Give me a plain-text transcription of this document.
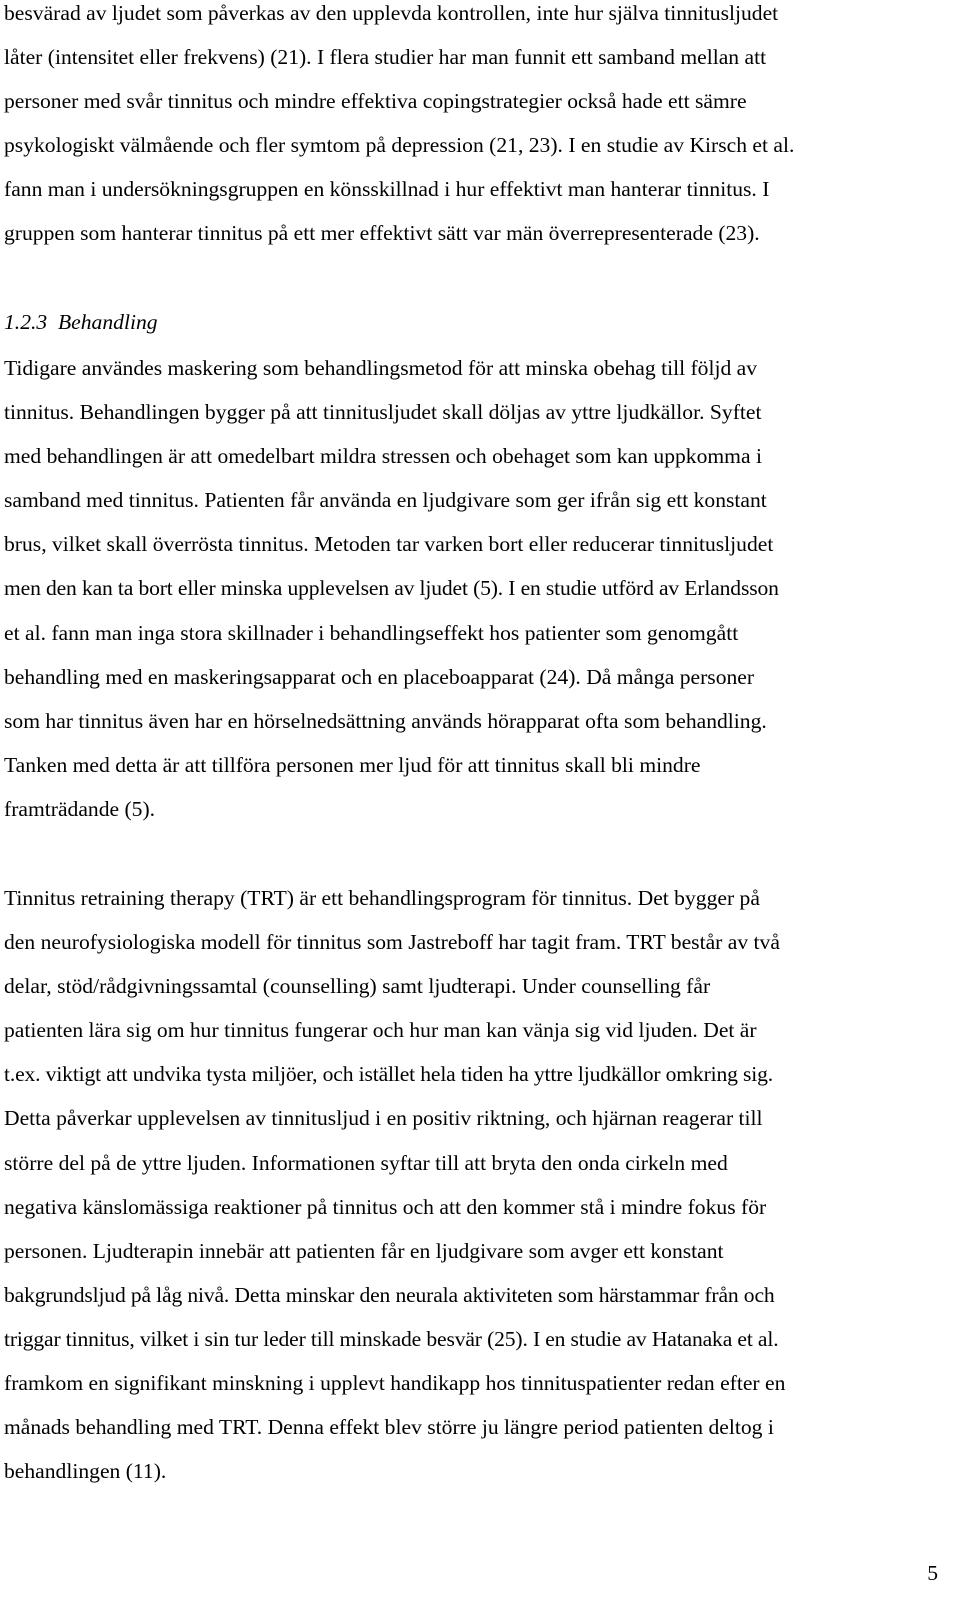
besvärad av ljudet som påverkas av den upplevda kontrollen, inte hur själva tinnitusljudet
låter (intensitet eller frekvens) (21). I flera studier har man funnit ett samband mellan att
personer med svår tinnitus och mindre effektiva copingstrategier också hade ett sämre
psykologiskt välmående och fler symtom på depression (21, 23). I en studie av Kirsch et al.
fann man i undersökningsgruppen en könsskillnad i hur effektivt man hanterar tinnitus. I
gruppen som hanterar tinnitus på ett mer effektivt sätt var män överrepresenterade (23).
1.2.3 Behandling
Tidigare användes maskering som behandlingsmetod för att minska obehag till följd av
tinnitus. Behandlingen bygger på att tinnitusljudet skall döljas av yttre ljudkällor. Syftet
med behandlingen är att omedelbart mildra stressen och obehaget som kan uppkomma i
samband med tinnitus. Patienten får använda en ljudgivare som ger ifrån sig ett konstant
brus, vilket skall överrösta tinnitus. Metoden tar varken bort eller reducerar tinnitusljudet
men den kan ta bort eller minska upplevelsen av ljudet (5). I en studie utförd av Erlandsson
et al. fann man inga stora skillnader i behandlingseffekt hos patienter som genomgått
behandling med en maskeringsapparat och en placeboapparat (24). Då många personer
som har tinnitus även har en hörselnedsättning används hörapparat ofta som behandling.
Tanken med detta är att tillföra personen mer ljud för att tinnitus skall bli mindre
framträdande (5).
Tinnitus retraining therapy (TRT) är ett behandlingsprogram för tinnitus. Det bygger på
den neurofysiologiska modell för tinnitus som Jastreboff har tagit fram. TRT består av två
delar, stöd/rådgivningssamtal (counselling) samt ljudterapi. Under counselling får
patienten lära sig om hur tinnitus fungerar och hur man kan vänja sig vid ljuden. Det är
t.ex. viktigt att undvika tysta miljöer, och istället hela tiden ha yttre ljudkällor omkring sig.
Detta påverkar upplevelsen av tinnitusljud i en positiv riktning, och hjärnan reagerar till
större del på de yttre ljuden. Informationen syftar till att bryta den onda cirkeln med
negativa känslomässiga reaktioner på tinnitus och att den kommer stå i mindre fokus för
personen. Ljudterapin innebär att patienten får en ljudgivare som avger ett konstant
bakgrundsljud på låg nivå. Detta minskar den neurala aktiviteten som härstammar från och
triggar tinnitus, vilket i sin tur leder till minskade besvär (25). I en studie av Hatanaka et al.
framkom en signifikant minskning i upplevt handikapp hos tinnituspatienter redan efter en
månads behandling med TRT. Denna effekt blev större ju längre period patienten deltog i
behandlingen (11).
5
